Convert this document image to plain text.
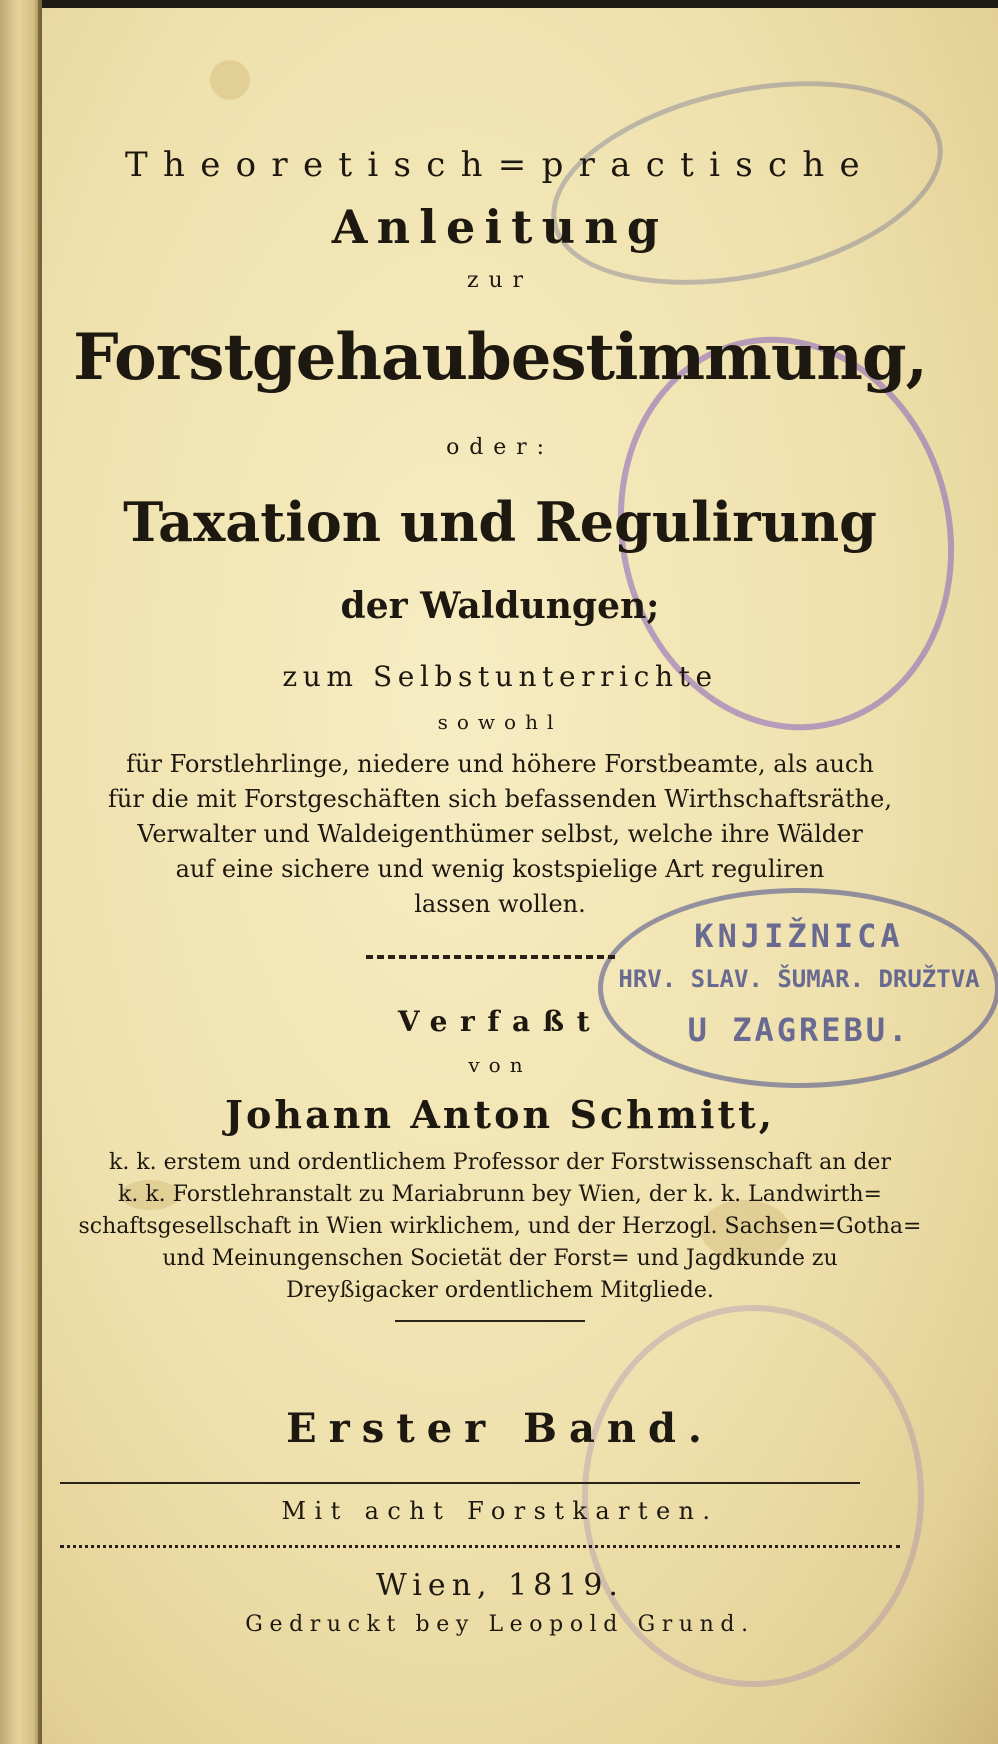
KNJIŽNICA
HRV. SLAV. ŠUMAR. DRUŽTVA
U ZAGREBU.
Theoretisch=practische
Anleitung
zur
Forstgehaubestimmung,
oder:
Taxation und Regulirung
der Waldungen;
zum Selbstunterrichte
sowohl
für Forstlehrlinge, niedere und höhere Forstbeamte, als auch
für die mit Forstgeschäften sich befassenden Wirthschaftsräthe,
Verwalter und Waldeigenthümer selbst, welche ihre Wälder
auf eine sichere und wenig kostspielige Art reguliren
lassen wollen.
Verfaßt
von
Johann Anton Schmitt,
k. k. erstem und ordentlichem Professor der Forstwissenschaft an der
k. k. Forstlehranstalt zu Mariabrunn bey Wien, der k. k. Landwirth=
schaftsgesellschaft in Wien wirklichem, und der Herzogl. Sachsen=Gotha=
und Meinungenschen Societät der Forst= und Jagdkunde zu
Dreyßigacker ordentlichem Mitgliede.
Erster Band.
Mit acht Forstkarten.
Wien, 1819.
Gedruckt bey Leopold Grund.
